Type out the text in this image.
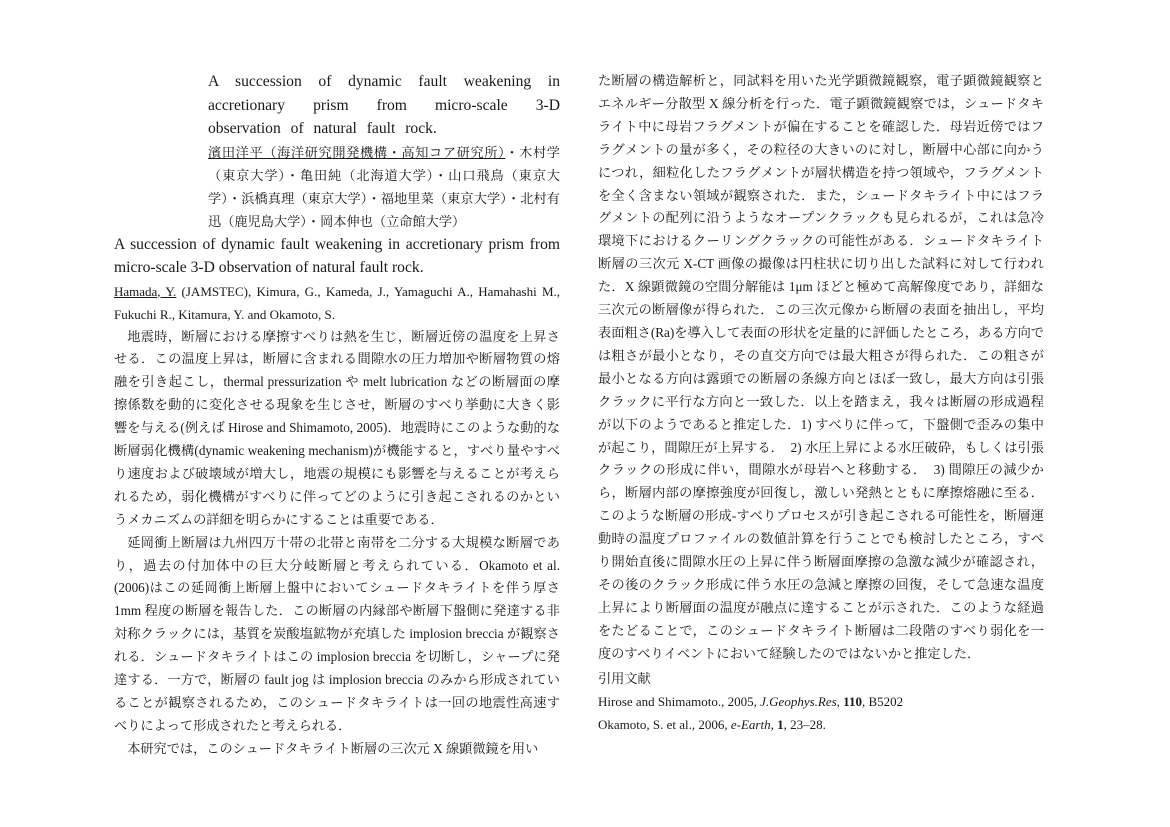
A succession of dynamic fault weakening in accretionary prism from micro-scale 3-D observation of natural fault rock.
濱田洋平（海洋研究開発機構・高知コア研究所）・木村学（東京大学）・亀田純（北海道大学）・山口飛鳥（東京大学）・浜橋真理（東京大学）・福地里菜（東京大学）・北村有迅（鹿児島大学）・岡本伸也（立命館大学）
A succession of dynamic fault weakening in accretionary prism from micro-scale 3-D observation of natural fault rock.
Hamada, Y. (JAMSTEC), Kimura, G., Kameda, J., Yamaguchi A., Hamahashi M., Fukuchi R., Kitamura, Y. and Okamoto, S.

地震時，断層における摩擦すべりは熱を生じ，断層近傍の温度を上昇させる．この温度上昇は，断層に含まれる間隙水の圧力増加や断層物質の熔融を引き起こし，thermal pressurization や melt lubrication などの断層面の摩擦係数を動的に変化させる現象を生じさせ，断層のすべり挙動に大きく影響を与える(例えば Hirose and Shimamoto, 2005)．地震時にこのような動的な断層弱化機構(dynamic weakening mechanism)が機能すると，すべり量やすべり速度および破壊域が増大し，地震の規模にも影響を与えることが考えられるため，弱化機構がすべりに伴ってどのように引き起こされるのかというメカニズムの詳細を明らかにすることは重要である．

延岡衝上断層は九州四万十帯の北帯と南帯を二分する大規模な断層であり，過去の付加体中の巨大分岐断層と考えられている．Okamoto et al. (2006)はこの延岡衝上断層上盤中においてシュードタキライトを伴う厚さ 1mm 程度の断層を報告した．この断層の内縁部や断層下盤側に発達する非対称クラックには，基質を炭酸塩鉱物が充填した implosion breccia が観察される．シュードタキライトはこの implosion breccia を切断し，シャープに発達する．一方で，断層の fault jog は implosion breccia のみから形成されていることが観察されるため，このシュードタキライトは一回の地震性高速すべりによって形成されたと考えられる．

本研究では，このシュードタキライト断層の三次元 X 線顕微鏡を用い

た断層の構造解析と，同試料を用いた光学顕微鏡観察，電子顕微鏡観察とエネルギー分散型 X 線分析を行った．電子顕微鏡観察では，シュードタキライト中に母岩フラグメントが偏在することを確認した．母岩近傍ではフラグメントの量が多く，その粒径の大きいのに対し，断層中心部に向かうにつれ，細粒化したフラグメントが層状構造を持つ領域や，フラグメントを全く含まない領域が観察された．また，シュードタキライト中にはフラグメントの配列に沿うようなオープンクラックも見られるが，これは急冷環境下におけるクーリングクラックの可能性がある．シュードタキライト断層の三次元 X-CT 画像の撮像は円柱状に切り出した試料に対して行われた．X 線顕微鏡の空間分解能は 1μm ほどと極めて高解像度であり，詳細な三次元の断層像が得られた．この三次元像から断層の表面を抽出し，平均表面粗さ(Ra)を導入して表面の形状を定量的に評価したところ，ある方向では粗さが最小となり，その直交方向では最大粗さが得られた．この粗さが最小となる方向は露頭での断層の条線方向とほぼ一致し，最大方向は引張クラックに平行な方向と一致した．以上を踏まえ，我々は断層の形成過程が以下のようであると推定した．1) すべりに伴って，下盤側で歪みの集中が起こり，間隙圧が上昇する．　2) 水圧上昇による水圧破砕，もしくは引張クラックの形成に伴い，間隙水が母岩へと移動する．　3) 間隙圧の減少から，断層内部の摩擦強度が回復し，激しい発熱とともに摩擦熔融に至る．このような断層の形成-すべりプロセスが引き起こされる可能性を，断層運動時の温度プロファイルの数値計算を行うことでも検討したところ，すべり開始直後に間隙水圧の上昇に伴う断層面摩擦の急激な減少が確認され，その後のクラック形成に伴う水圧の急減と摩擦の回復，そして急速な温度上昇により断層面の温度が融点に達することが示された．このような経過をたどることで，このシュードタキライト断層は二段階のすべり弱化を一度のすべりイベントにおいて経験したのではないかと推定した．

引用文献
Hirose and Shimamoto., 2005, J.Geophys.Res, 110, B5202
Okamoto, S. et al., 2006, e-Earth, 1, 23–28.
